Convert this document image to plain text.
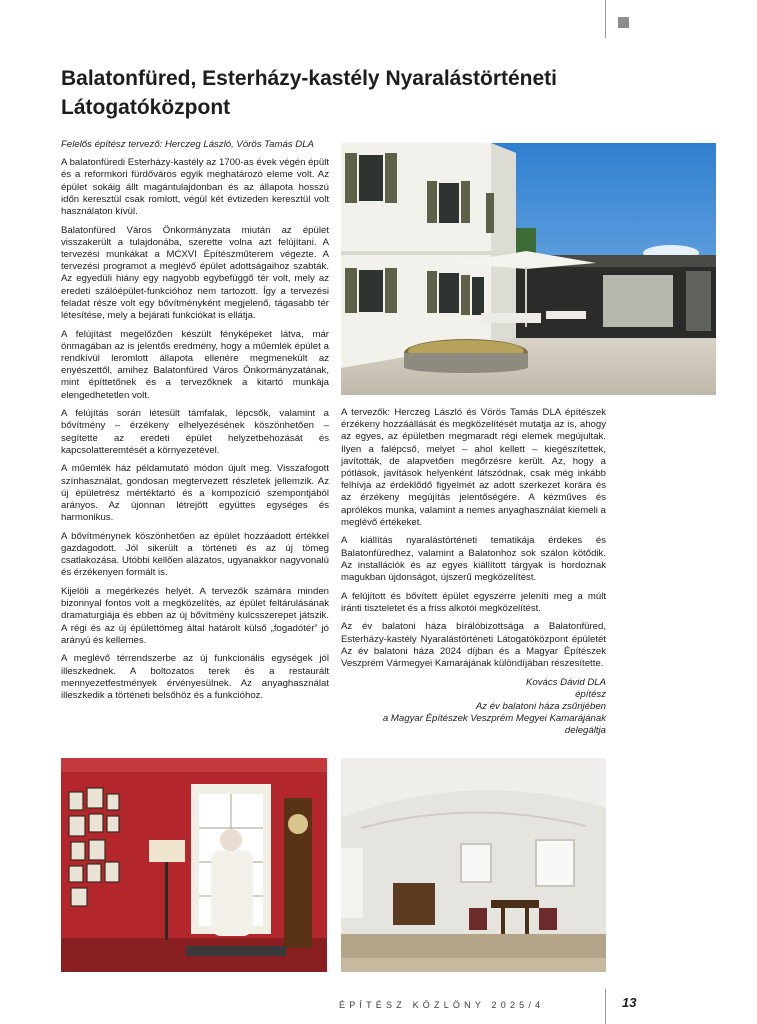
Balatonfüred, Esterházy-kastély Nyaralástörténeti Látogatóközpont

Felelős építész tervező: Herczeg László, Vörös Tamás DLA

A balatonfüredi Esterházy-kastély az 1700-as évek végén épült és a reformkori fürdőváros egyik meghatározó eleme volt. Az épület sokáig állt magántulajdonban és az állapota hosszú időn keresztül csak romlott, végül két évtizeden keresztül volt használaton kívül.

Balatonfüred Város Önkormányzata miután az épület visszakerült a tulajdonába, szerette volna azt felújítani. A tervezési munkákat a MCXVI Építészműterem végezte. A tervezési programot a meglévő épület adottságaihoz szabták. Az egyedüli hiány egy nagyobb egybefüggő tér volt, mely az eredeti szálóépület-funkcióhoz nem tartozott. Így a tervezési feladat része volt egy bővítményként megjelenő, tágasabb tér létesítése, mely a bejárati funkciókat is ellátja.

A felújítást megelőzően készült fényképeket látva, már önmagában az is jelentős eredmény, hogy a műemlék épület a rendkívül leromlott állapota ellenére megmenekült az enyészettől, amihez Balatonfüred Város Önkormányzatának, mint építtetőnek és a tervezőknek a kitartó munkája elengedhetetlen volt.

A felújítás során létesült támfalak, lépcsők, valamint a bővítmény – érzékeny elhelyezésének köszönhetően – segítette az eredeti épület helyzetbehozását és kapcsolatteremtését a környezetével.

A műemlék ház példamutató módon újult meg. Visszafogott színhasználat, gondosan megtervezett részletek jellemzik. Az új épületrész mértéktartó és a kompozíció szempontjából arányos. Az újonnan létrejött együttes egységes és harmonikus.

A bővítménynek köszönhetően az épület hozzáadott értékkel gazdagodott. Jól sikerült a történeti és az új tömeg csatlakozása. Utóbbi kellően alázatos, ugyanakkor nagyvonalú és érzékenyen formált is.

Kijelöli a megérkezés helyét. A tervezők számára minden bizonnyal fontos volt a megközelítés, az épület feltárulásának dramaturgiája és ebben az új bővítmény kulcsszerepet játszik. A régi és az új épülettömeg által határolt külső „fogadótér” jó arányú és kellemes.

A meglévő térrendszerbe az új funkcionális egységek jól illeszkednek. A boltozatos terek és a restaurált mennyezetfestmények érvényesülnek. Az anyaghasználat illeszkedik a történeti belsőhöz és a funkcióhoz.

A tervezők: Herczeg László és Vörös Tamás DLA építészek érzékeny hozzáállását és megközelítését mutatja az is, ahogy az egyes, az épületben megmaradt régi elemek megújultak. Ilyen a falépcső, melyet – ahol kellett – kiegészítettek, javították, de alapvetően megőrzésre került. Az, hogy a pótlások, javítások helyenként látszódnak, csak még inkább felhívja az érdeklődő figyelmét az adott szerkezet korára és az érzékeny megújítás jelentőségére. A kézműves és aprólékos munka, valamint a nemes anyaghasználat kiemeli a meglévő értékeket.

A kiállítás nyaralástörténeti tematikája érdekes és Balatonfüredhez, valamint a Balatonhoz sok szálon kötődik. Az installációk és az egyes kiállított tárgyak is hordoznak magukban újdonságot, újszerű megközelítést.

A felújított és bővített épület egyszerre jeleníti meg a múlt iránti tiszteletet és a friss alkotói megközelítést.

Az év balatoni háza bírálóbizottsága a Balatonfüred, Esterházy-kastély Nyaralástörténeti Látogatóközpont épületét Az év balatoni háza 2024 díjban és a Magyar Építészek Veszprém Vármegyei Kamarájának különdíjában részesítette.

Kovács Dávid DLA
építész
Az év balatoni háza zsűrijében
a Magyar Építészek Veszprém Megyei Kamarájának delegáltja
ÉPÍTÉSZ KÖZLÖNY 2025/4	13
